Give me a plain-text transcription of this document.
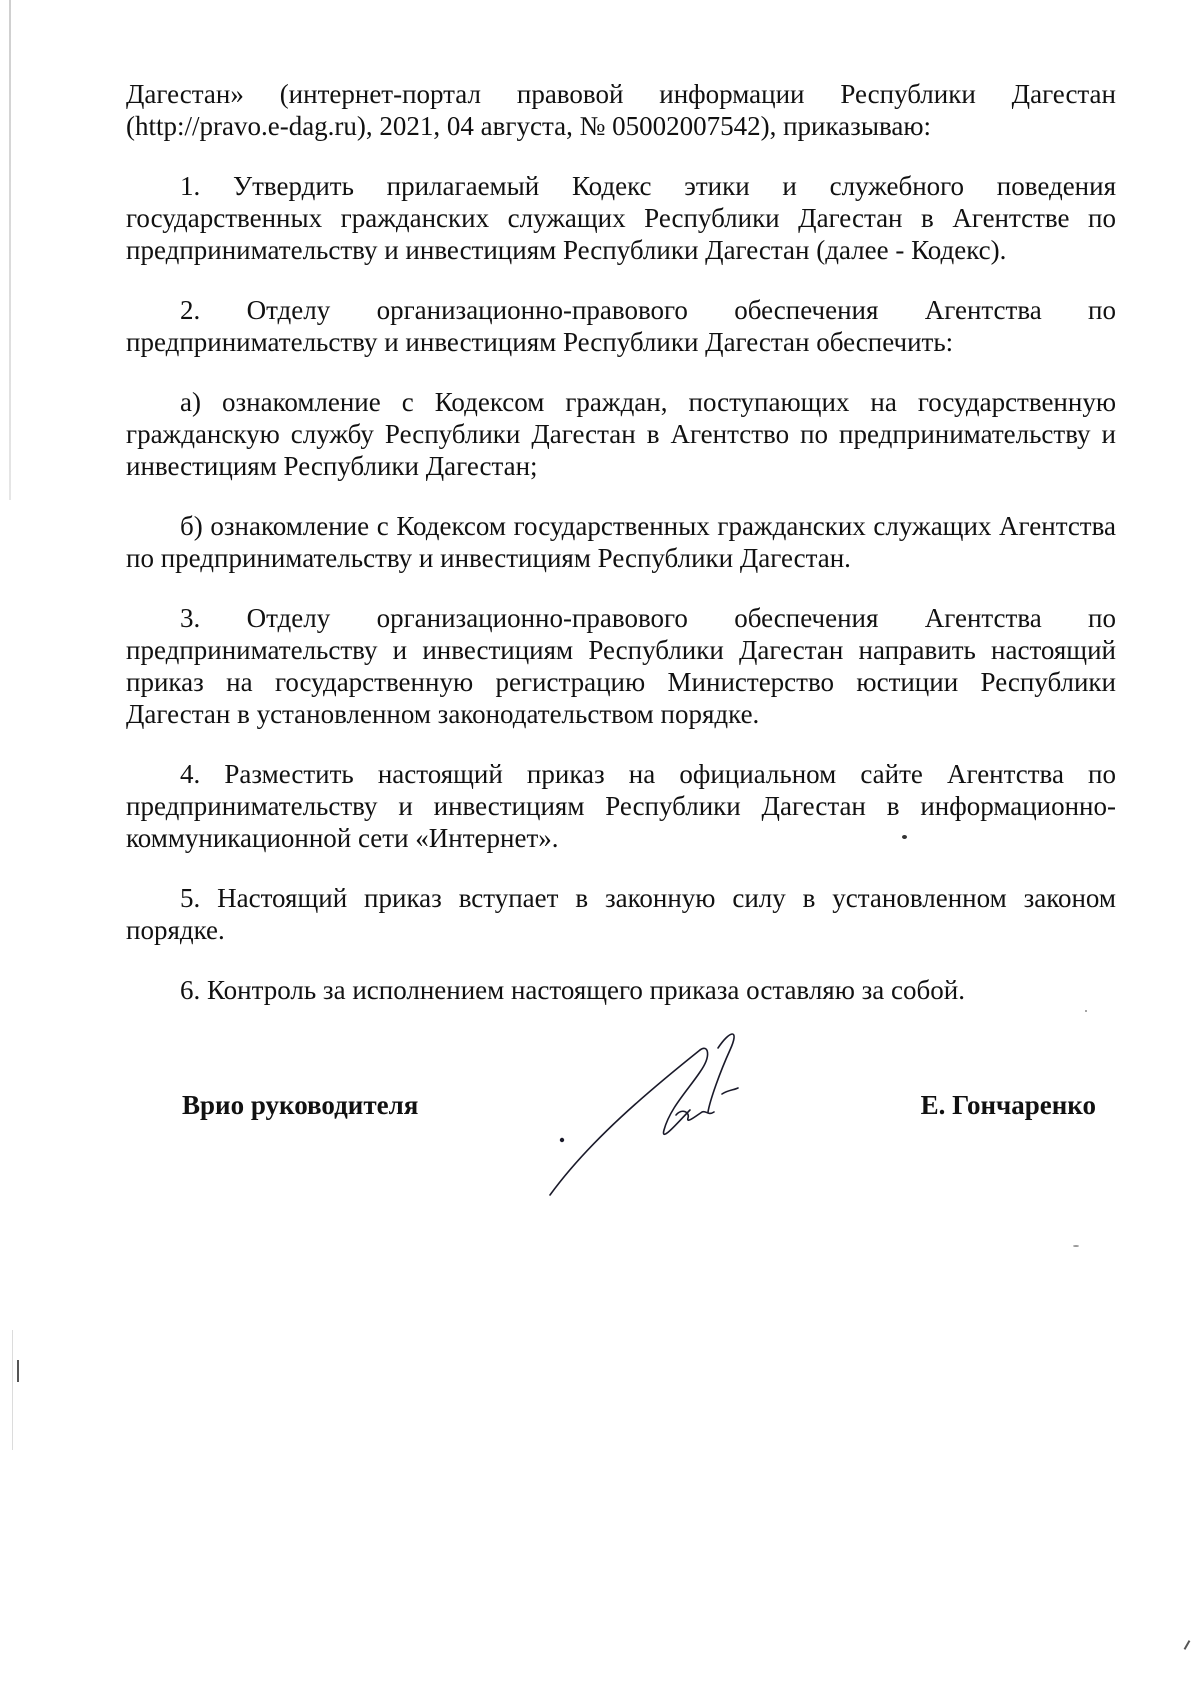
Дагестан» (интернет-портал правовой информации Республики Дагестан (http://pravo.e-dag.ru), 2021, 04 августа, № 05002007542), приказываю:

1. Утвердить прилагаемый Кодекс этики и служебного поведения государственных гражданских служащих Республики Дагестан в Агентстве по предпринимательству и инвестициям Республики Дагестан (далее - Кодекс).

2. Отделу организационно-правового обеспечения Агентства по предпринимательству и инвестициям Республики Дагестан обеспечить:

а) ознакомление с Кодексом граждан, поступающих на государственную гражданскую службу Республики Дагестан в Агентство по предпринимательству и инвестициям Республики Дагестан;

б) ознакомление с Кодексом государственных гражданских служащих Агентства по предпринимательству и инвестициям Республики Дагестан.

3. Отделу организационно-правового обеспечения Агентства по предпринимательству и инвестициям Республики Дагестан направить настоящий приказ на государственную регистрацию Министерство юстиции Республики Дагестан в установленном законодательством порядке.

4. Разместить настоящий приказ на официальном сайте Агентства по предпринимательству и инвестициям Республики Дагестан в информационно-коммуникационной сети «Интернет».

5. Настоящий приказ вступает в законную силу в установленном законом порядке.

6. Контроль за исполнением настоящего приказа оставляю за собой.

Врио руководителя	Е. Гончаренко
